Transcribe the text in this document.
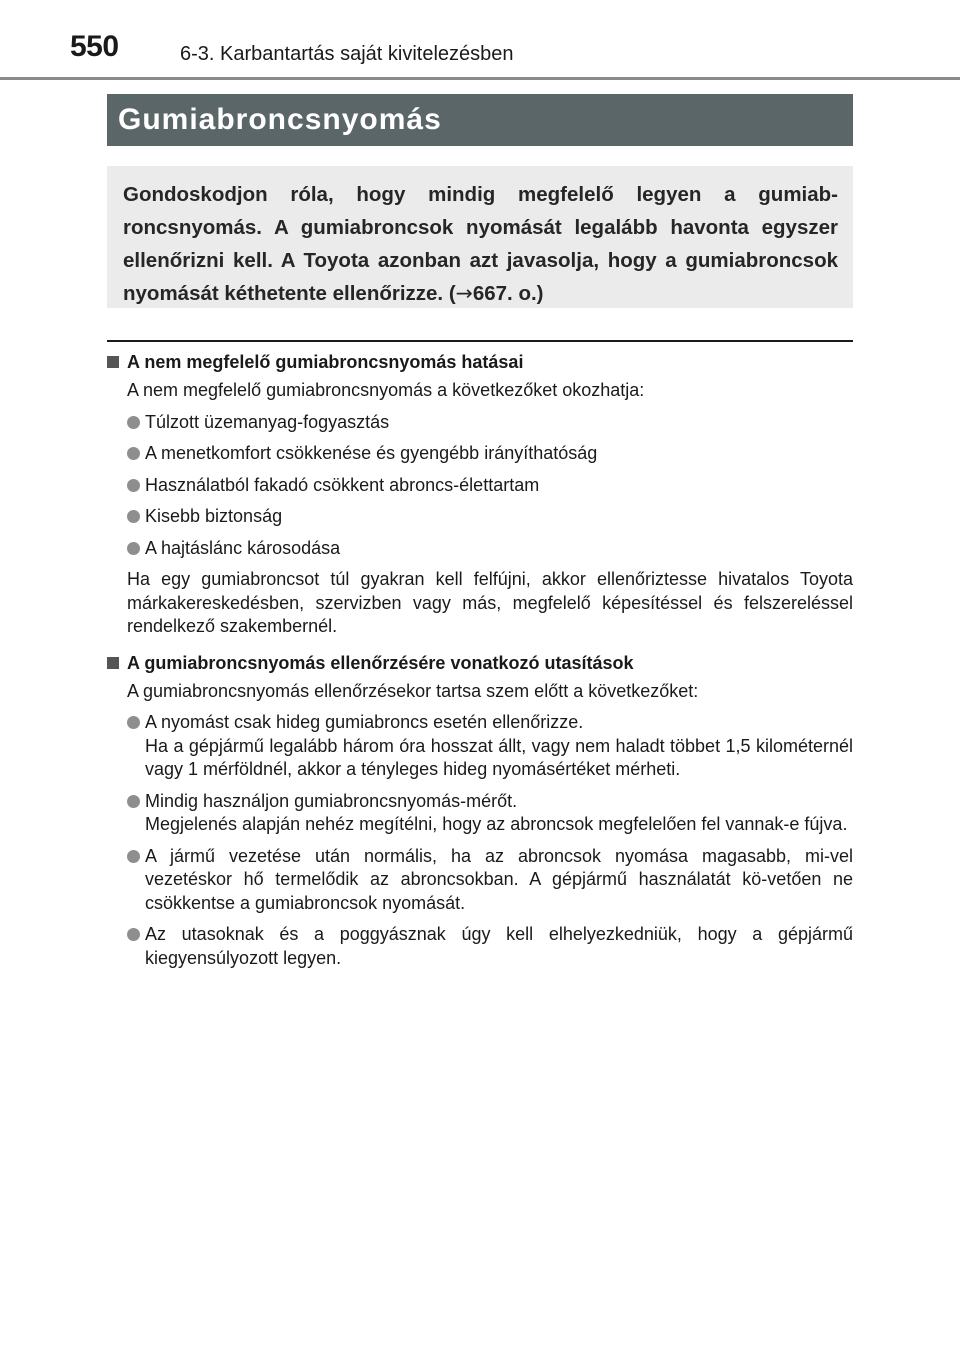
550	6-3. Karbantartás saját kivitelezésben
Gumiabroncsnyomás

Gondoskodjon róla, hogy mindig megfelelő legyen a gumiab-roncsnyomás. A gumiabroncsok nyomását legalább havonta egyszer ellenőrizni kell. A Toyota azonban azt javasolja, hogy a gumiabroncsok nyomását kéthetente ellenőrizze. (→667. o.)

A nem megfelelő gumiabroncsnyomás hatásai
A nem megfelelő gumiabroncsnyomás a következőket okozhatja:
Túlzott üzemanyag-fogyasztás
A menetkomfort csökkenése és gyengébb irányíthatóság
Használatból fakadó csökkent abroncs-élettartam
Kisebb biztonság
A hajtáslánc károsodása
Ha egy gumiabroncsot túl gyakran kell felfújni, akkor ellenőriztesse hivatalos Toyota márkakereskedésben, szervizben vagy más, megfelelő képesítéssel és felszereléssel rendelkező szakembernél.
A gumiabroncsnyomás ellenőrzésére vonatkozó utasítások
A gumiabroncsnyomás ellenőrzésekor tartsa szem előtt a következőket:
A nyomást csak hideg gumiabroncs esetén ellenőrizze.
Ha a gépjármű legalább három óra hosszat állt, vagy nem haladt többet 1,5 kilométernél vagy 1 mérföldnél, akkor a tényleges hideg nyomásértéket mérheti.
Mindig használjon gumiabroncsnyomás-mérőt.
Megjelenés alapján nehéz megítélni, hogy az abroncsok megfelelően fel vannak-e fújva.
A jármű vezetése után normális, ha az abroncsok nyomása magasabb, mi-vel vezetéskor hő termelődik az abroncsokban. A gépjármű használatát kö-vetően ne csökkentse a gumiabroncsok nyomását.
Az utasoknak és a poggyásznak úgy kell elhelyezkedniük, hogy a gépjármű kiegyensúlyozott legyen.
